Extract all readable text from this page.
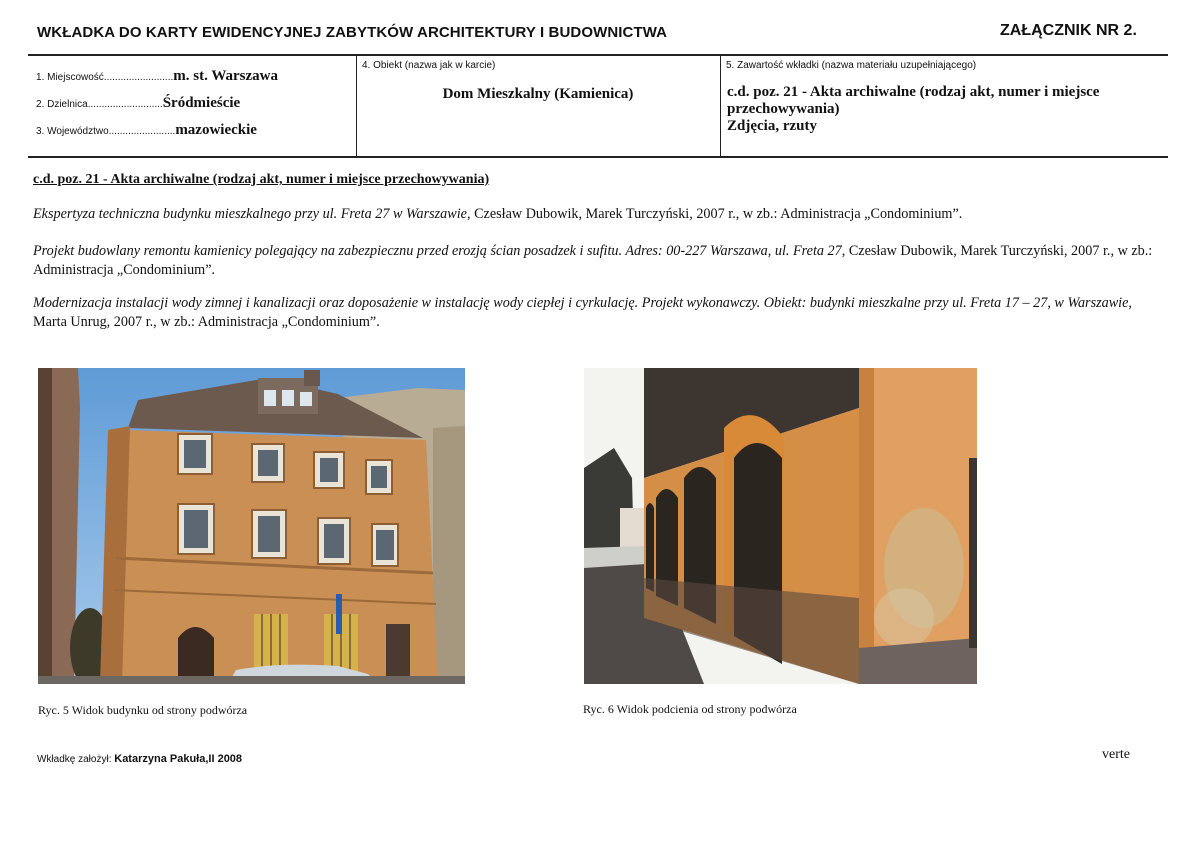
WKŁADKA DO KARTY EWIDENCYJNEJ ZABYTKÓW ARCHITEKTURY I BUDOWNICTWA	ZAŁĄCZNIK NR 2.
1. Miejscowość.........................m. st. Warszawa
2. Dzielnica...........................Śródmieście
3. Województwo........................mazowieckie
4. Obiekt (nazwa jak w karcie)
Dom Mieszkalny (Kamienica)
5. Zawartość wkładki (nazwa materiału uzupełniającego)
c.d. poz. 21 - Akta archiwalne (rodzaj akt, numer i miejsce przechowywania)
Zdjęcia, rzuty
c.d. poz. 21 - Akta archiwalne (rodzaj akt, numer i miejsce przechowywania)
Ekspertyza techniczna budynku mieszkalnego przy ul. Freta 27 w Warszawie, Czesław Dubowik, Marek Turczyński, 2007 r., w zb.: Administracja „Condominium”.
Projekt budowlany remontu kamienicy polegający na zabezpiecznu przed erozją ścian posadzek i sufitu. Adres: 00-227 Warszawa, ul. Freta 27, Czesław Dubowik, Marek Turczyński, 2007 r., w zb.: Administracja „Condominium”.
Modernizacja instalacji wody zimnej i kanalizacji oraz doposażenie w instalację wody ciepłej i cyrkulację. Projekt wykonawczy. Obiekt: budynki mieszkalne przy ul. Freta 17 – 27, w Warszawie, Marta Unrug, 2007 r., w zb.: Administracja „Condominium”.
Ryc. 5 Widok budynku od strony podwórza	Ryc. 6 Widok podcienia od strony podwórza
Wkładkę założył: Katarzyna Pakuła,II 2008	verte
